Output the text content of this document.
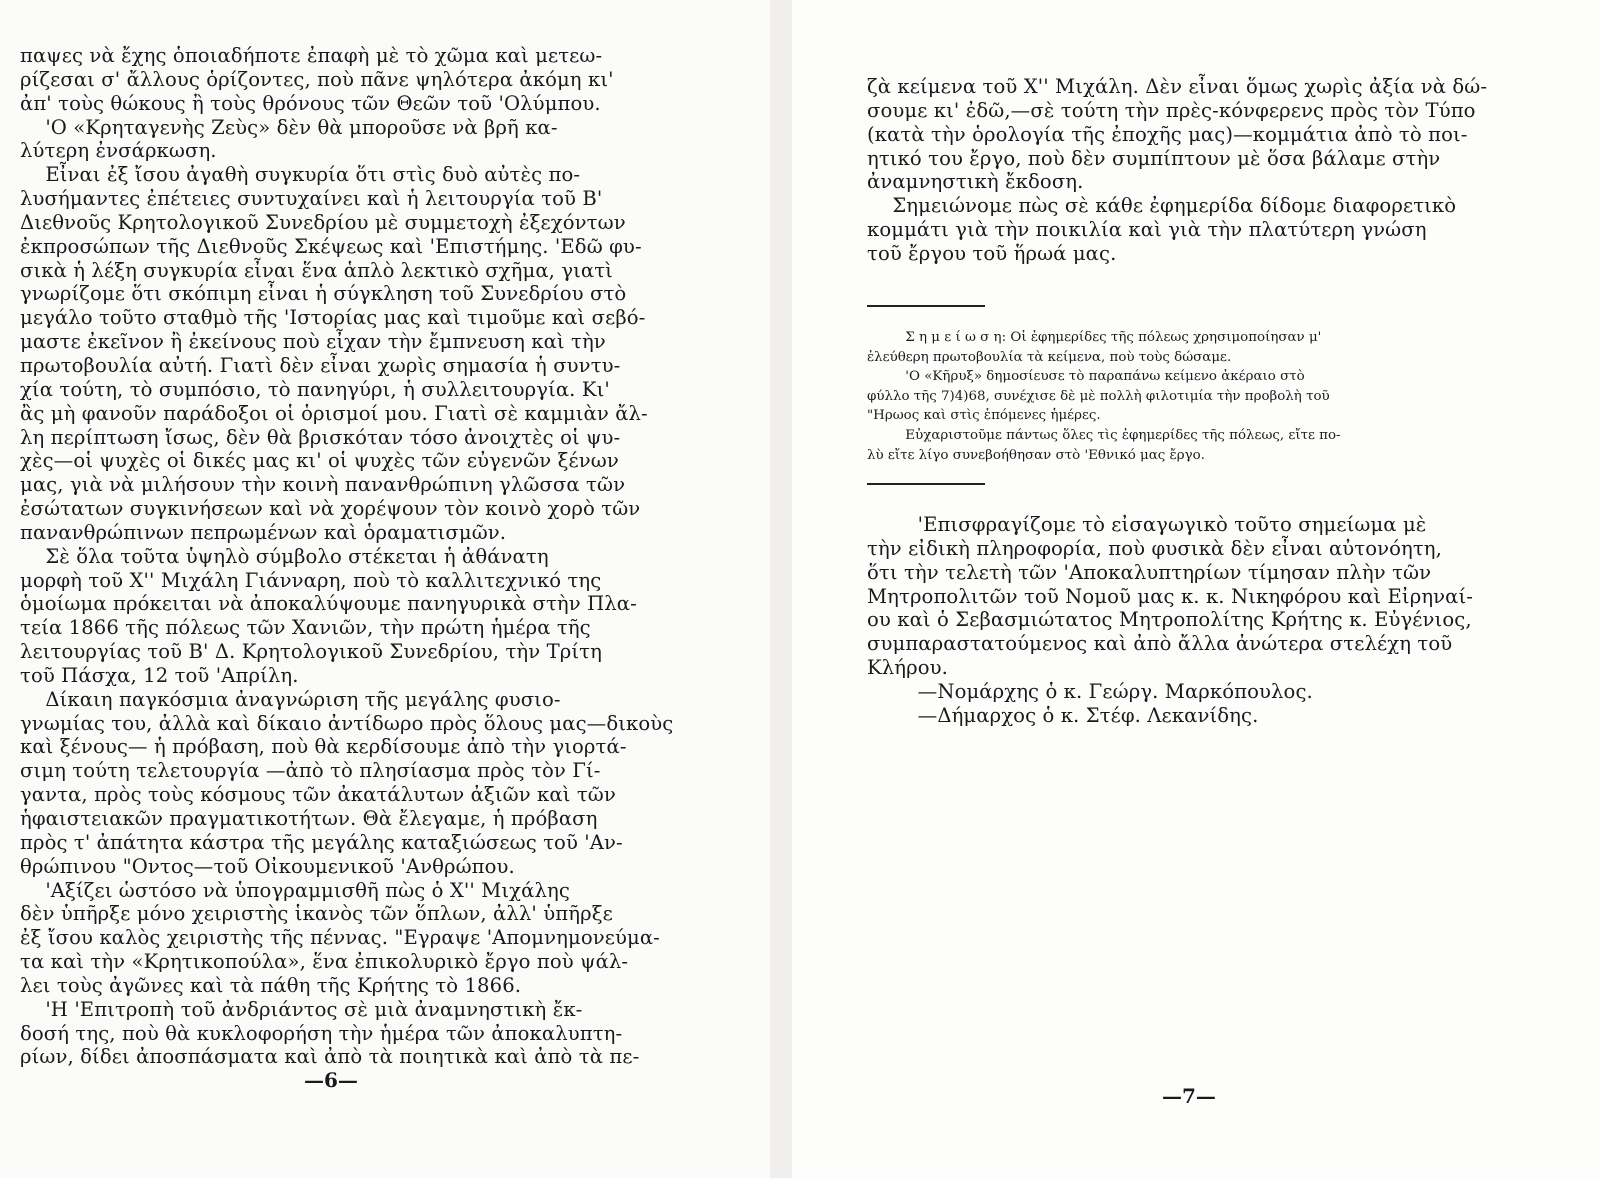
παψες νὰ ἔχης ὁποιαδήποτε ἐπαφὴ μὲ τὸ χῶμα καὶ μετεω-
ρίζεσαι σ' ἄλλους ὁρίζοντες, ποὺ πᾶνε ψηλότερα ἀκόμη κι'
ἀπ' τοὺς θώκους ἢ τοὺς θρόνους τῶν Θεῶν τοῦ 'Ολύμπου.
'Ο «Κρηταγενὴς Ζεὺς» δὲν θὰ μποροῦσε νὰ βρῆ κα-
λύτερη ἐνσάρκωση.
Εἶναι ἐξ ἴσου ἀγαθὴ συγκυρία ὅτι στὶς δυὸ αὐτὲς πο-
λυσήμαντες ἐπέτειες συντυχαίνει καὶ ἡ λειτουργία τοῦ Β'
Διεθνοῦς Κρητολογικοῦ Συνεδρίου μὲ συμμετοχὴ ἐξεχόντων
ἐκπροσώπων τῆς Διεθνοῦς Σκέψεως καὶ 'Επιστήμης. 'Εδῶ φυ-
σικὰ ἡ λέξη συγκυρία εἶναι ἕνα ἁπλὸ λεκτικὸ σχῆμα, γιατὶ
γνωρίζομε ὅτι σκόπιμη εἶναι ἡ σύγκληση τοῦ Συνεδρίου στὸ
μεγάλο τοῦτο σταθμὸ τῆς 'Ιστορίας μας καὶ τιμοῦμε καὶ σεβό-
μαστε ἐκεῖνον ἢ ἐκείνους ποὺ εἶχαν τὴν ἔμπνευση καὶ τὴν
πρωτοβουλία αὐτή. Γιατὶ δὲν εἶναι χωρὶς σημασία ἡ συντυ-
χία τούτη, τὸ συμπόσιο, τὸ πανηγύρι, ἡ συλλειτουργία. Κι'
ἂς μὴ φανοῦν παράδοξοι οἱ ὁρισμοί μου. Γιατὶ σὲ καμμιὰν ἄλ-
λη περίπτωση ἴσως, δὲν θὰ βρισκόταν τόσο ἀνοιχτὲς οἱ ψυ-
χὲς—οἱ ψυχὲς οἱ δικές μας κι' οἱ ψυχὲς τῶν εὐγενῶν ξένων
μας, γιὰ νὰ μιλήσουν τὴν κοινὴ πανανθρώπινη γλῶσσα τῶν
ἐσώτατων συγκινήσεων καὶ νὰ χορέψουν τὸν κοινὸ χορὸ τῶν
πανανθρώπινων πεπρωμένων καὶ ὁραματισμῶν.
Σὲ ὅλα τοῦτα ὑψηλὸ σύμβολο στέκεται ἡ ἀθάνατη
μορφὴ τοῦ Χ'' Μιχάλη Γιάνναρη, ποὺ τὸ καλλιτεχνικό της
ὁμοίωμα πρόκειται νὰ ἀποκαλύψουμε πανηγυρικὰ στὴν Πλα-
τεία 1866 τῆς πόλεως τῶν Χανιῶν, τὴν πρώτη ἡμέρα τῆς
λειτουργίας τοῦ Β' Δ. Κρητολογικοῦ Συνεδρίου, τὴν Τρίτη
τοῦ Πάσχα, 12 τοῦ 'Απρίλη.
Δίκαιη παγκόσμια ἀναγνώριση τῆς μεγάλης φυσιο-
γνωμίας του, ἀλλὰ καὶ δίκαιο ἀντίδωρο πρὸς ὅλους μας—δικοὺς
καὶ ξένους— ἡ πρόβαση, ποὺ θὰ κερδίσουμε ἀπὸ τὴν γιορτά-
σιμη τούτη τελετουργία —ἀπὸ τὸ πλησίασμα πρὸς τὸν Γί-
γαντα, πρὸς τοὺς κόσμους τῶν ἀκατάλυτων ἀξιῶν καὶ τῶν
ἡφαιστειακῶν πραγματικοτήτων. Θὰ ἔλεγαμε, ἡ πρόβαση
πρὸς τ' ἀπάτητα κάστρα τῆς μεγάλης καταξιώσεως τοῦ 'Αν-
θρώπινου "Οντος—τοῦ Οἰκουμενικοῦ 'Ανθρώπου.
'Αξίζει ὡστόσο νὰ ὑπογραμμισθῆ πὼς ὁ Χ'' Μιχάλης
δὲν ὑπῆρξε μόνο χειριστὴς ἱκανὸς τῶν ὅπλων, ἀλλ' ὑπῆρξε
ἐξ ἴσου καλὸς χειριστὴς τῆς πέννας. "Εγραψε 'Απομνημονεύμα-
τα καὶ τὴν «Κρητικοπούλα», ἕνα ἐπικολυρικὸ ἔργο ποὺ ψάλ-
λει τοὺς ἀγῶνες καὶ τὰ πάθη τῆς Κρήτης τὸ 1866.
'Η 'Επιτροπὴ τοῦ ἀνδριάντος σὲ μιὰ ἀναμνηστικὴ ἔκ-
δοσή της, ποὺ θὰ κυκλοφορήση τὴν ἡμέρα τῶν ἀποκαλυπτη-
ρίων, δίδει ἀποσπάσματα καὶ ἀπὸ τὰ ποιητικὰ καὶ ἀπὸ τὰ πε-
—6—
ζὰ κείμενα τοῦ Χ'' Μιχάλη. Δὲν εἶναι ὅμως χωρὶς ἀξία νὰ δώ-
σουμε κι' ἐδῶ,—σὲ τούτη τὴν πρὲς-κόνφερενς πρὸς τὸν Τύπο
(κατὰ τὴν ὁρολογία τῆς ἐποχῆς μας)—κομμάτια ἀπὸ τὸ ποι-
ητικό του ἔργο, ποὺ δὲν συμπίπτουν μὲ ὅσα βάλαμε στὴν
ἀναμνηστικὴ ἔκδοση.
Σημειώνομε πὼς σὲ κάθε ἐφημερίδα δίδομε διαφορετικὸ
κομμάτι γιὰ τὴν ποικιλία καὶ γιὰ τὴν πλατύτερη γνώση
τοῦ ἔργου τοῦ ἥρωά μας.
Σ η μ ε ί ω σ η: Οἱ ἐφημερίδες τῆς πόλεως χρησιμοποίησαν μ'
ἐλεύθερη πρωτοβουλία τὰ κείμενα, ποὺ τοὺς δώσαμε.
'Ο «Κῆρυξ» δημοσίευσε τὸ παραπάνω κείμενο ἀκέραιο στὸ
φύλλο τῆς 7)4)68, συνέχισε δὲ μὲ πολλὴ φιλοτιμία τὴν προβολὴ τοῦ
"Ηρωος καὶ στὶς ἑπόμενες ἡμέρες.
Εὐχαριστοῦμε πάντως ὅλες τὶς ἐφημερίδες τῆς πόλεως, εἴτε πο-
λὺ εἴτε λίγο συνεβοήθησαν στὸ 'Εθνικό μας ἔργο.
'Επισφραγίζομε τὸ εἰσαγωγικὸ τοῦτο σημείωμα μὲ
τὴν εἰδικὴ πληροφορία, ποὺ φυσικὰ δὲν εἶναι αὐτονόητη,
ὅτι τὴν τελετὴ τῶν 'Αποκαλυπτηρίων τίμησαν πλὴν τῶν
Μητροπολιτῶν τοῦ Νομοῦ μας κ. κ. Νικηφόρου καὶ Εἰρηναί-
ου καὶ ὁ Σεβασμιώτατος Μητροπολίτης Κρήτης κ. Εὐγένιος,
συμπαραστατούμενος καὶ ἀπὸ ἄλλα ἀνώτερα στελέχη τοῦ
Κλήρου.
—Νομάρχης ὁ κ. Γεώργ. Μαρκόπουλος.
—Δήμαρχος ὁ κ. Στέφ. Λεκανίδης.
—7—
